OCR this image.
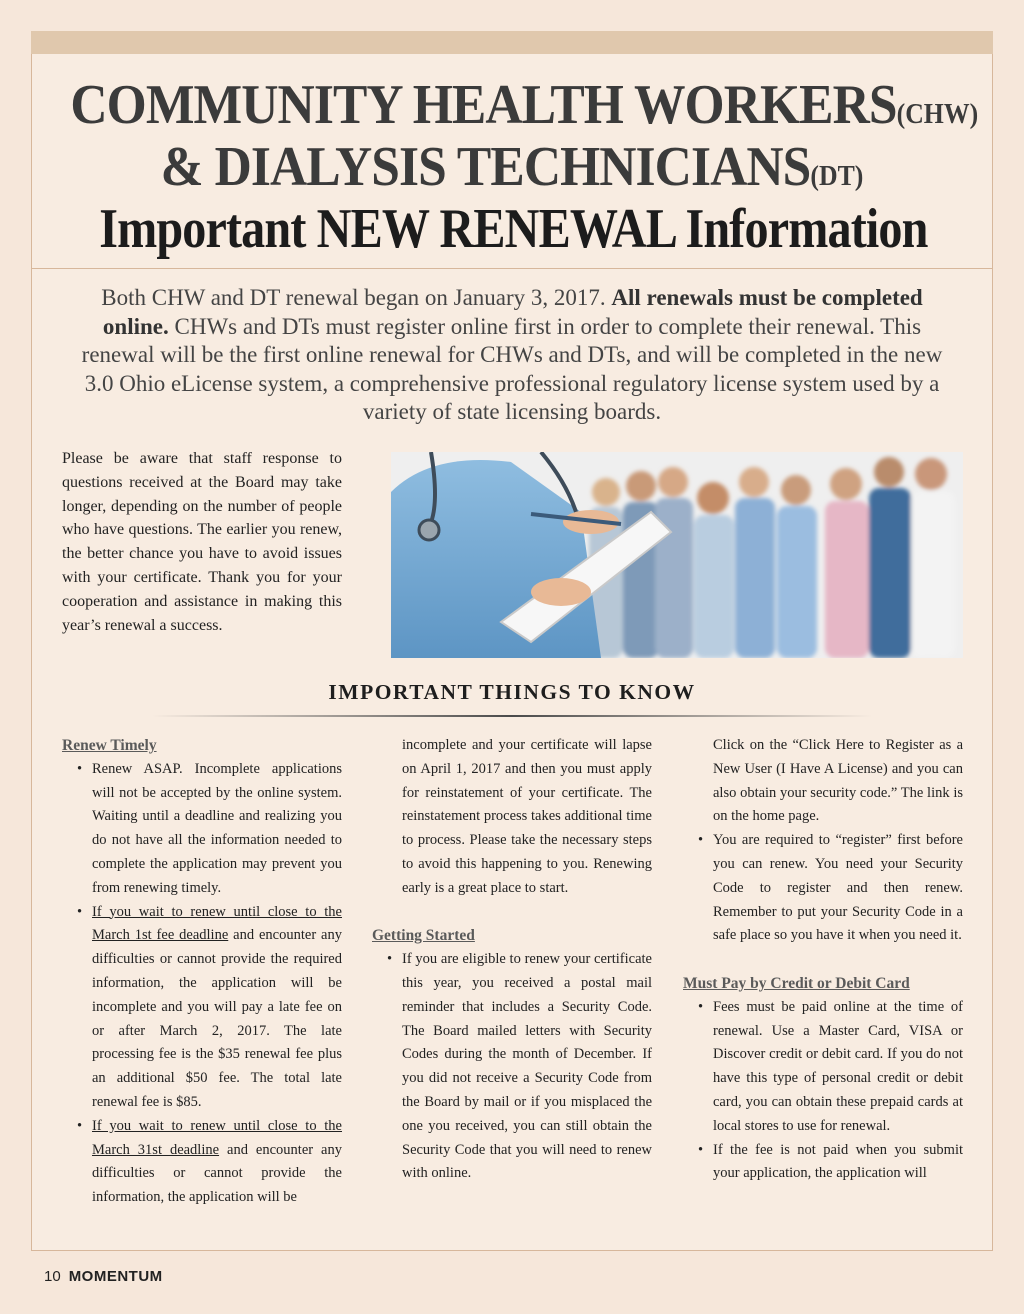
COMMUNITY HEALTH WORKERS(CHW)
& DIALYSIS TECHNICIANS(DT)
Important NEW RENEWAL Information
Both CHW and DT renewal began on January 3, 2017. All renewals must be completed online. CHWs and DTs must register online first in order to complete their renewal. This renewal will be the first online renewal for CHWs and DTs, and will be completed in the new 3.0 Ohio eLicense system, a comprehensive professional regulatory license system used by a variety of state licensing boards.
Please be aware that staff response to questions received at the Board may take longer, depending on the number of people who have questions. The earlier you renew, the better chance you have to avoid issues with your certificate. Thank you for your cooperation and assistance in making this year’s renewal a success.
IMPORTANT THINGS TO KNOW
Renew Timely
• Renew ASAP. Incomplete applications will not be accepted by the online system. Waiting until a deadline and realizing you do not have all the information needed to complete the application may prevent you from renewing timely.
• If you wait to renew until close to the March 1st fee deadline and encounter any difficulties or cannot provide the required information, the application will be incomplete and you will pay a late fee on or after March 2, 2017. The late processing fee is the $35 renewal fee plus an additional $50 fee. The total late renewal fee is $85.
• If you wait to renew until close to the March 31st deadline and encounter any difficulties or cannot provide the information, the application will be

incomplete and your certificate will lapse on April 1, 2017 and then you must apply for reinstatement of your certificate. The reinstatement process takes additional time to process. Please take the necessary steps to avoid this happening to you. Renewing early is a great place to start.

Getting Started
• If you are eligible to renew your certificate this year, you received a postal mail reminder that includes a Security Code. The Board mailed letters with Security Codes during the month of December. If you did not receive a Security Code from the Board by mail or if you misplaced the one you received, you can still obtain the Security Code that you will need to renew with online.

Click on the “Click Here to Register as a New User (I Have A License) and you can also obtain your security code.” The link is on the home page.

• You are required to “register” first before you can renew. You need your Security Code to register and then renew. Remember to put your Security Code in a safe place so you have it when you need it.
Must Pay by Credit or Debit Card
• Fees must be paid online at the time of renewal. Use a Master Card, VISA or Discover credit or debit card. If you do not have this type of personal credit or debit card, you can obtain these prepaid cards at local stores to use for renewal.
• If the fee is not paid when you submit your application, the application will
10 MOMENTUM
